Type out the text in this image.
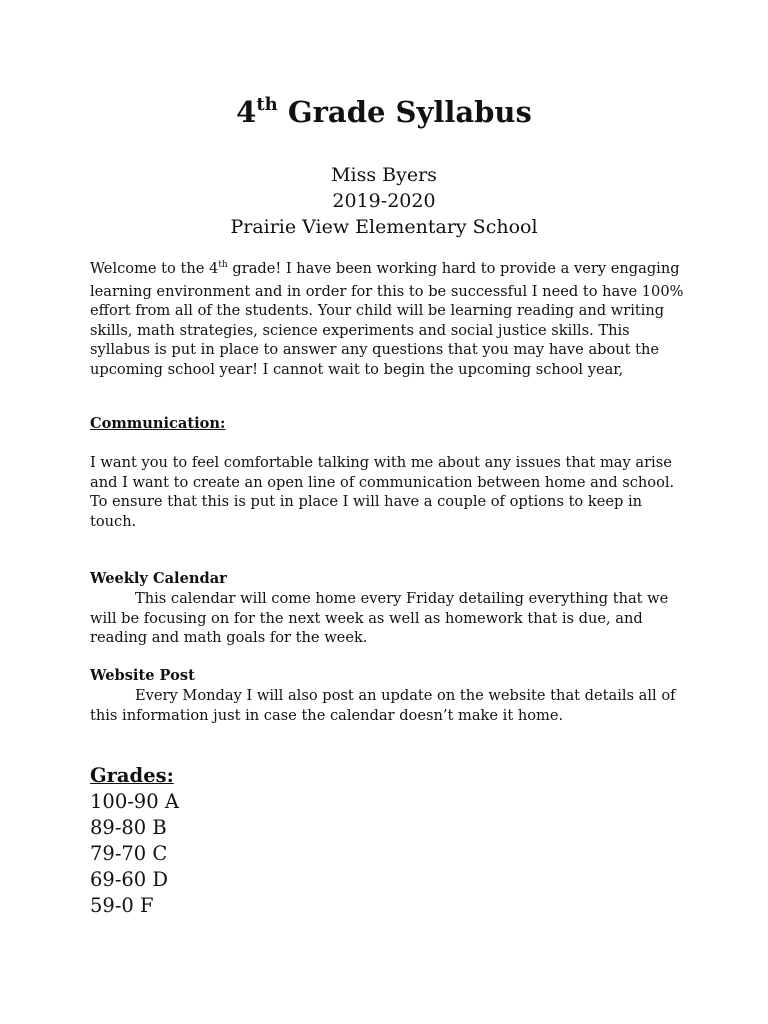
4th Grade Syllabus
Miss Byers
2019-2020
Prairie View Elementary School
Welcome to the 4th grade! I have been working hard to provide a very engaging learning environment and in order for this to be successful I need to have 100% effort from all of the students. Your child will be learning reading and writing skills, math strategies, science experiments and social justice skills. This syllabus is put in place to answer any questions that you may have about the upcoming school year! I cannot wait to begin the upcoming school year,
Communication:
I want you to feel comfortable talking with me about any issues that may arise and I want to create an open line of communication between home and school. To ensure that this is put in place I will have a couple of options to keep in touch.
Weekly Calendar
This calendar will come home every Friday detailing everything that we will be focusing on for the next week as well as homework that is due, and reading and math goals for the week.
Website Post
Every Monday I will also post an update on the website that details all of this information just in case the calendar doesn’t make it home.
Grades:
100-90 A
89-80 B
79-70 C
69-60 D
59-0 F
